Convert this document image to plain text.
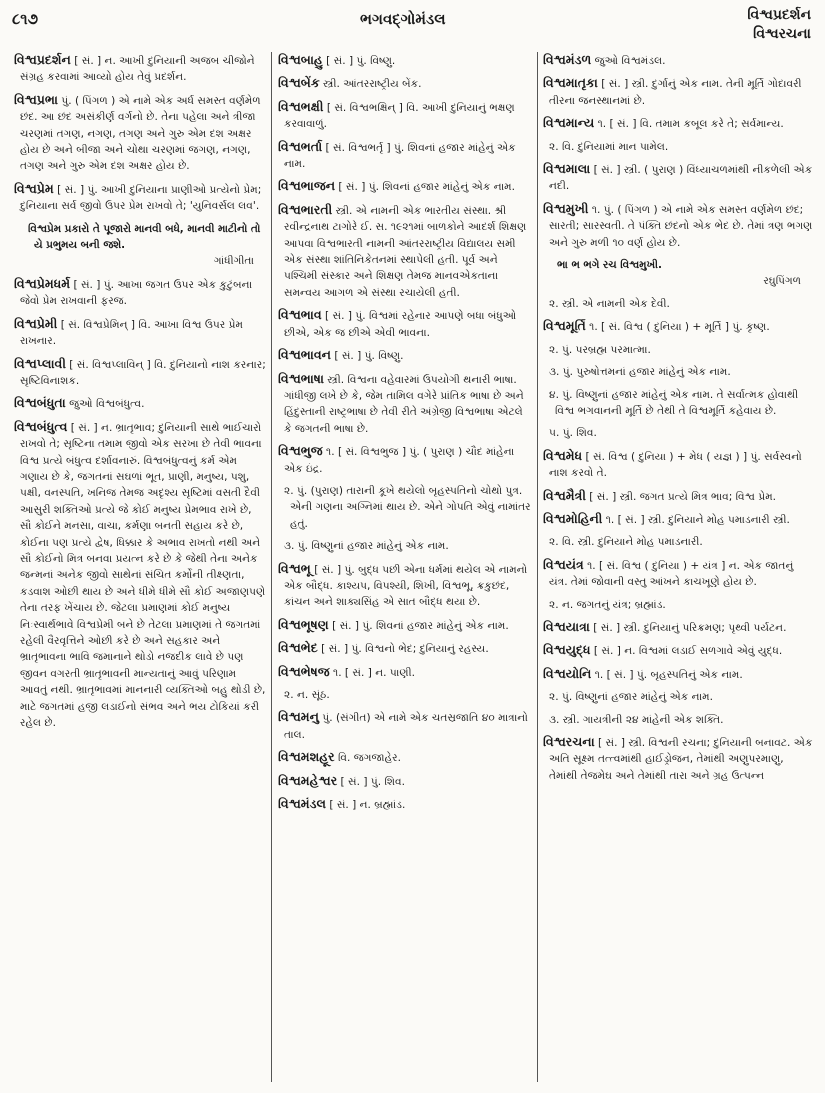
૮૧૭	ભગવદ્ગોમંડલ	વિશ્વપ્રદર્શન
વિશ્વરચના
વિશ્વપ્રદર્શન [ સં. ] ન. આખી દુનિયાની અજબ ચીજોને સંગ્રહ કરવામાં આવ્યો હોય તેવું પ્રદર્શન.
વિશ્વપ્રભા પું. ( પિંગળ ) એ નામે એક અર્ધ સમસ્ત વર્ણમેળ છંદ. આ છંદ અસંકીર્ણ વર્ગનો છે. તેના પહેલા અને ત્રીજા ચરણમાં તગણ, નગણ, તગણ અને ગુરુ એમ દશ અક્ષર હોય છે અને બીજા અને ચોથા ચરણમાં જગણ, નગણ, તગણ અને ગુરુ એમ દશ અક્ષર હોય છે.
વિશ્વપ્રેમ [ સં. ] પું. આખી દુનિયાના પ્રાણીઓ પ્રત્યેનો પ્રેમ; દુનિયાના સર્વ જીવો ઉપર પ્રેમ રાખવો તે; 'યુનિવર્સલ લવ'.
વિશ્વપ્રેમ પ્રકારો તે પૂજારો માનવી બધે, માનવી માટીનો તો યે પ્રભુમય બની જશે.
ગાંધીગીતા
વિશ્વપ્રેમધર્મ [ સં. ] પું. આખા જગત ઉપર એક કુટુંબના જેવો પ્રેમ રાખવાની ફરજ.
વિશ્વપ્રેમી [ સં. વિશ્વપ્રેમિન્ ] વિ. આખા વિશ્વ ઉપર પ્રેમ રાખનાર.
વિશ્વપ્લાવી [ સં. વિશ્વપ્લાવિન્ ] વિ. દુનિયાનો નાશ કરનાર; સૃષ્ટિવિનાશક.
વિશ્વબંધુતા જુઓ વિશ્વબંધુત્વ.
વિશ્વબંધુત્વ [ સં. ] ન. ભ્રાતૃભાવ; દુનિયાની સાથે ભાઈચારો રાખવો તે; સૃષ્ટિના તમામ જીવો એક સરખા છે તેવી ભાવના વિશ્વ પ્રત્યે બંધુત્વ દર્શાવનારું. વિશ્વબંધુત્વનું કર્મ એમ ગણાય છે કે, જગતનાં સઘળાં ભૂત, પ્રાણી, મનુષ્ય, પશુ, પક્ષી, વનસ્પતિ, ખનિજ તેમજ અદૃશ્ય સૃષ્ટિમાં વસતી દૈવી આસુરી શક્તિઓ પ્રત્યે જે કોઈ મનુષ્ય પ્રેમભાવ રાખે છે, સૌ કોઈને મનસા, વાચા, કર્મણા બનતી સહાય કરે છે, કોઈના પણ પ્રત્યે દ્વેષ, ધિક્કાર કે અભાવ રાખતો નથી અને સૌ કોઈનો મિત્ર બનવા પ્રયત્ન કરે છે કે જેથી તેના અનેક જન્મનાં અનેક જીવો સાથેનાં સંચિત કર્મોની તીક્ષ્ણતા, કડવાશ ઓછી થાય છે અને ધીમે ધીમે સૌ કોઈ અજાણપણે તેના તરફ ખેંચાય છે. જેટલા પ્રમાણમાં કોઈ મનુષ્ય નિઃસ્વાર્થભાવે વિશ્વપ્રેમી બને છે તેટલા પ્રમાણમાં તે જગતમાં રહેલી વૈરવૃત્તિને ઓછી કરે છે અને સહકાર અને ભ્રાતૃભાવના ભાવિ જમાનાને થોડો નજદીક લાવે છે પણ જીવન વગરતી ભ્રાતૃભાવની માન્યતાનું આવું પરિણામ આવતું નથી. ભ્રાતૃભાવમાં માનનારી વ્યક્તિઓ બહુ થોડી છે, માટે જગતમાં હજી લડાઈનો સંભવ અને ભય ટોકિયાં કરી રહેલ છે.
વિશ્વબાહુ [ સં. ] પું. વિષ્ણુ.
વિશ્વબેંક સ્ત્રી. આંતરરાષ્ટ્રીય બેંક.
વિશ્વભક્ષી [ સં. વિશ્વભક્ષિન્ ] વિ. આખી દુનિયાનું ભક્ષણ કરવાવાળું.
વિશ્વભર્તા [ સં. વિશ્વભર્તૃ ] પું. શિવનાં હજાર માંહેનું એક નામ.
વિશ્વભાજન [ સં. ] પું. શિવનાં હજાર માંહેનું એક નામ.
વિશ્વભારતી સ્ત્રી. એ નામની એક ભારતીય સંસ્થા. શ્રી રવીન્દ્રનાથ ટાગોરે ઈ. સ. ૧૯૨૧માં બાળકોને આદર્શ શિક્ષણ આપવા વિશ્વભારતી નામની આંતરરાષ્ટ્રીય વિદ્યાલય સમી એક સંસ્થા શાંતિનિકેતનમાં સ્થાપેલી હતી. પૂર્વ અને પશ્ચિમી સંસ્કાર અને શિક્ષણ તેમજ માનવએકતાના સમન્વય આગળ એ સંસ્થા રચાયેલી હતી.
વિશ્વભાવ [ સં. ] પું. વિશ્વમાં રહેનાર આપણે બધા બંધુઓ છીએ, એક જ છીએ એવી ભાવના.
વિશ્વભાવન [ સં. ] પું. વિષ્ણુ.
વિશ્વભાષા સ્ત્રી. વિશ્વના વહેવારમાં ઉપયોગી થનારી ભાષા. ગાંધીજી લખે છે કે, જેમ તામિલ વગેરે પ્રાંતિક ભાષા છે અને હિંદુસ્તાની રાષ્ટ્રભાષા છે તેવી રીતે અંગ્રેજી વિશ્વભાષા એટલે કે જગતની ભાષા છે.
વિશ્વભુજ ૧. [ સં. વિશ્વભુજ ] પું. ( પુરાણ ) ચૌદ માંહેના એક ઇંદ્ર.
૨. પું. (પુરાણ) તારાની કૂખે થયેલો બૃહસ્પતિનો ચોથો પુત્ર. એની ગણના અગ્નિમાં થાય છે. એને ગોપતિ એવું નામાંતર હતું.
૩. પું. વિષ્ણુનાં હજાર માંહેનું એક નામ.
વિશ્વભૂ [ સં. ] પું. બુદ્ધ પછી એના ધર્મમાં થયેલ એ નામનો એક બૌદ્ધ. કાશ્યપ, વિપશ્યી, શિખી, વિશ્વભૂ, ક્રકુછંદ, કાંચન અને શાક્યસિંહ એ સાત બૌદ્ધ થયા છે.
વિશ્વભૂષણ [ સં. ] પું. શિવનાં હજાર માંહેનું એક નામ.
વિશ્વભેદ [ સં. ] પું. વિશ્વનો ભેદ; દુનિયાનું રહસ્ય.
વિશ્વભેષજ ૧. [ સં. ] ન. પાણી.
૨. ન. સૂંઠ.
વિશ્વમનુ પું. (સંગીત) એ નામે એક ચતસ્રજાતિ ૪૦ માત્રાનો તાલ.
વિશ્વમશહૂર વિ. જગજાહેર.
વિશ્વમહેશ્વર [ સં. ] પું. શિવ.
વિશ્વમંડલ [ સં. ] ન. બ્રહ્માંડ.
વિશ્વમંડળ જુઓ વિશ્વમંડલ.
વિશ્વમાતૃકા [ સં. ] સ્ત્રી. દુર્ગાનું એક નામ. તેની મૂર્તિ ગોદાવરી તીરના જનસ્થાનમાં છે.
વિશ્વમાન્ય ૧. [ સં. ] વિ. તમામ કબૂલ કરે તે; સર્વમાન્ય.
૨. વિ. દુનિયામાં માન પામેલ.
વિશ્વમાલા [ સં. ] સ્ત્રી. ( પુરાણ ) વિંધ્યાચળમાંથી નીકળેલી એક નદી.
વિશ્વમુખી ૧. પું. ( પિંગળ ) એ નામે એક સમસ્ત વર્ણમેળ છંદ; સારતી; સારસ્વતી. તે પંક્તિ છંદનો એક ભેદ છે. તેમાં ત્રણ ભગણ અને ગુરુ મળી ૧૦ વર્ણ હોય છે.
ભા ભ ભગે રચ વિશ્વમુખી.
રઘુપિંગળ
૨. સ્ત્રી. એ નામની એક દેવી.
વિશ્વમૂર્તિ ૧. [ સં. વિશ્વ ( દુનિયા ) + મૂર્તિ ] પું. કૃષ્ણ.
૨. પું. પરબ્રહ્મ પરમાત્મા.
૩. પું. પુરુષોત્તમનાં હજાર માંહેનું એક નામ.
૪. પું. વિષ્ણુનાં હજાર માંહેનું એક નામ. તે સર્વાત્મક હોવાથી વિશ્વ ભગવાનની મૂર્તિ છે તેથી તે વિશ્વમૂર્તિ કહેવાય છે.
૫. પું. શિવ.
વિશ્વમેધ [ સં. વિશ્વ ( દુનિયા ) + મેધ ( યજ્ઞ ) ] પું. સર્વસ્વનો નાશ કરવો તે.
વિશ્વમૈત્રી [ સં. ] સ્ત્રી. જગત પ્રત્યે મિત્ર ભાવ; વિશ્વ પ્રેમ.
વિશ્વમોહિની ૧. [ સં. ] સ્ત્રી. દુનિયાને મોહ પમાડનારી સ્ત્રી.
૨. વિ. સ્ત્રી. દુનિયાને મોહ પમાડનારી.
વિશ્વયંત્ર ૧. [ સં. વિશ્વ ( દુનિયા ) + યંત્ર ] ન. એક જાતનું યંત્ર. તેમાં જોવાની વસ્તુ આંખને કાચખૂણે હોય છે.
૨. ન. જગતનું યંત્ર; બ્રહ્માંડ.
વિશ્વયાત્રા [ સં. ] સ્ત્રી. દુનિયાનું પરિક્રમણ; પૃથ્વી પર્યટન.
વિશ્વયુદ્ધ [ સં. ] ન. વિશ્વમાં લડાઈ સળગાવે એવું યુદ્ધ.
વિશ્વયોનિ ૧. [ સં. ] પું. બૃહસ્પતિનું એક નામ.
૨. પું. વિષ્ણુનાં હજાર માંહેનું એક નામ.
૩. સ્ત્રી. ગાયત્રીની ૨૪ માંહેની એક શક્તિ.
વિશ્વરચના [ સં. ] સ્ત્રી. વિશ્વની રચના; દુનિયાની બનાવટ. એક અતિ સૂક્ષ્મ તત્ત્વમાંથી હાઈડ્રોજન, તેમાંથી અણુપરમાણુ, તેમાંથી તેજમેઘ અને તેમાંથી તારા અને ગ્રહ ઉત્પન્ન
